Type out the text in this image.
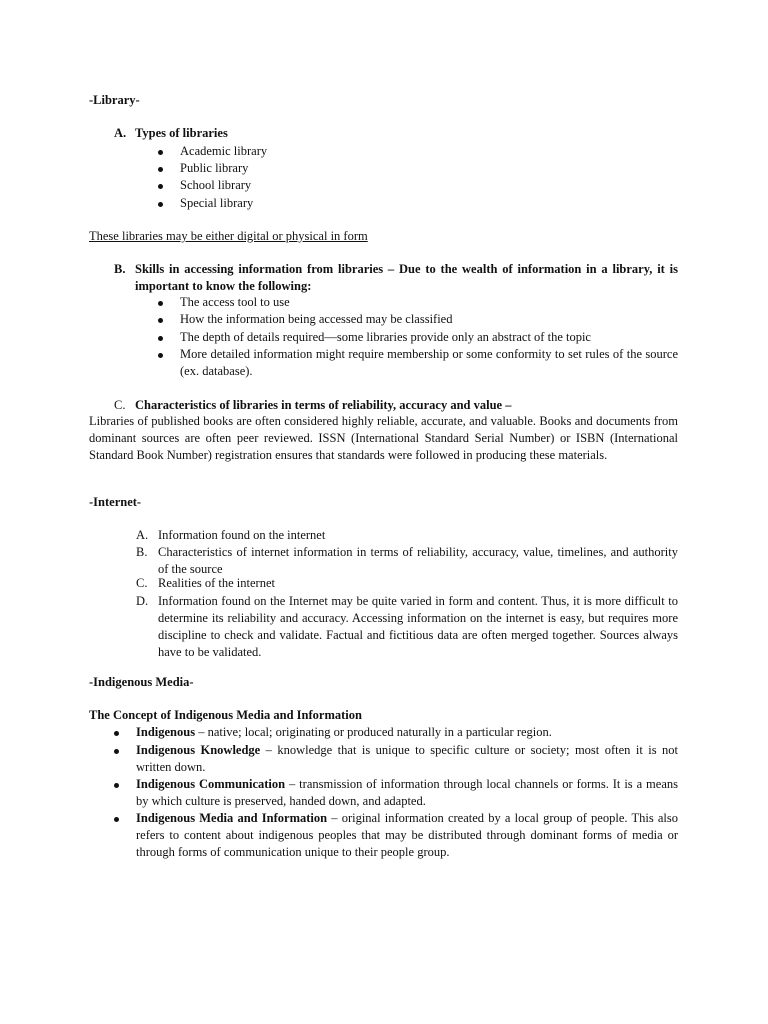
-Library-
A. Types of libraries
Academic library
Public library
School library
Special library
These libraries may be either digital or physical in form
B. Skills in accessing information from libraries – Due to the wealth of information in a library, it is important to know the following:
The access tool to use
How the information being accessed may be classified
The depth of details required—some libraries provide only an abstract of the topic
More detailed information might require membership or some conformity to set rules of the source (ex. database).
C. Characteristics of libraries in terms of reliability, accuracy and value –
Libraries of published books are often considered highly reliable, accurate, and valuable. Books and documents from dominant sources are often peer reviewed. ISSN (International Standard Serial Number) or ISBN (International Standard Book Number) registration ensures that standards were followed in producing these materials.
-Internet-
A. Information found on the internet
B. Characteristics of internet information in terms of reliability, accuracy, value, timelines, and authority of the source
C. Realities of the internet
D. Information found on the Internet may be quite varied in form and content. Thus, it is more difficult to determine its reliability and accuracy. Accessing information on the internet is easy, but requires more discipline to check and validate. Factual and fictitious data are often merged together. Sources always have to be validated.
-Indigenous Media-
The Concept of Indigenous Media and Information
Indigenous – native; local; originating or produced naturally in a particular region.
Indigenous Knowledge – knowledge that is unique to specific culture or society; most often it is not written down.
Indigenous Communication – transmission of information through local channels or forms. It is a means by which culture is preserved, handed down, and adapted.
Indigenous Media and Information – original information created by a local group of people. This also refers to content about indigenous peoples that may be distributed through dominant forms of media or through forms of communication unique to their people group.
